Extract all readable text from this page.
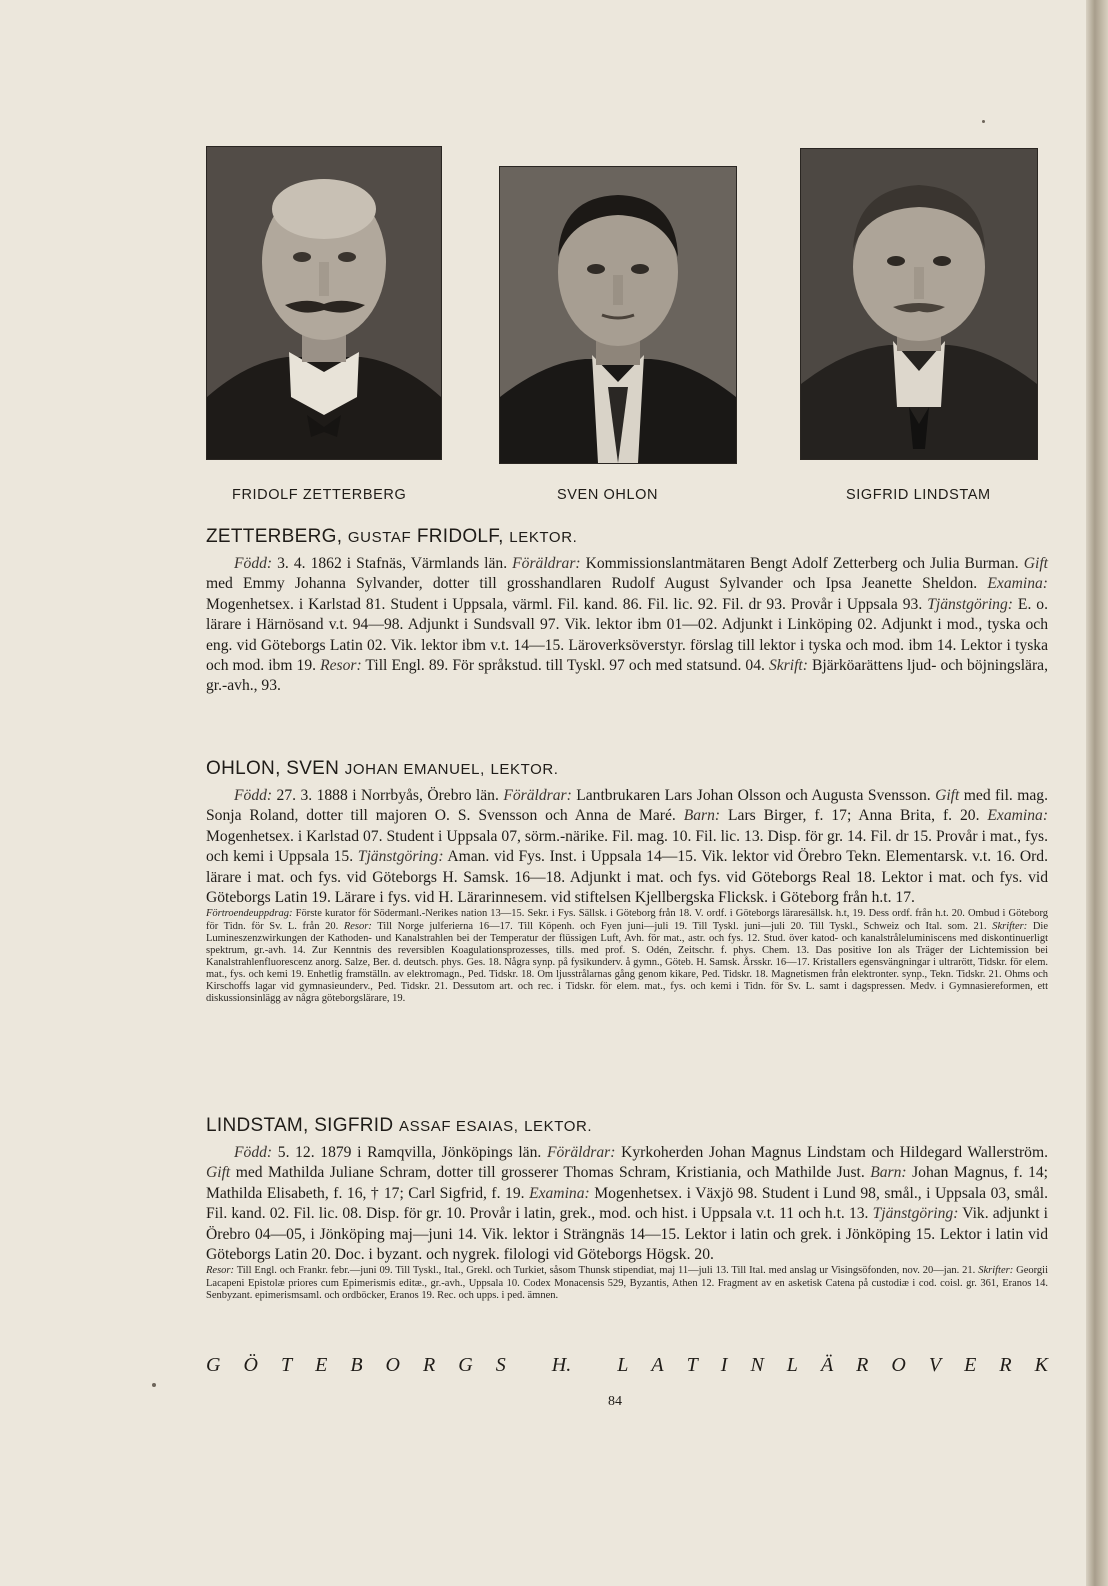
FRIDOLF ZETTERBERG	SVEN OHLON	SIGFRID LINDSTAM
ZETTERBERG, GUSTAF FRIDOLF, LEKTOR.

Född: 3. 4. 1862 i Stafnäs, Värmlands län. Föräldrar: Kommissionslantmätaren Bengt Adolf Zetterberg och Julia Burman. Gift med Emmy Johanna Sylvander, dotter till grosshandlaren Rudolf August Sylvander och Ipsa Jeanette Sheldon. Examina: Mogenhetsex. i Karlstad 81. Student i Uppsala, värml. Fil. kand. 86. Fil. lic. 92. Fil. dr 93. Provår i Uppsala 93. Tjänstgöring: E. o. lärare i Härnösand v.t. 94—98. Adjunkt i Sundsvall 97. Vik. lektor ibm 01—02. Adjunkt i Linköping 02. Adjunkt i mod., tyska och eng. vid Göteborgs Latin 02. Vik. lektor ibm v.t. 14—15. Läroverksöverstyr. förslag till lektor i tyska och mod. ibm 14. Lektor i tyska och mod. ibm 19. Resor: Till Engl. 89. För språkstud. till Tyskl. 97 och med statsund. 04. Skrift: Bjärköarättens ljud- och böjningslära, gr.-avh., 93.

OHLON, SVEN JOHAN EMANUEL, LEKTOR.

Född: 27. 3. 1888 i Norrbyås, Örebro län. Föräldrar: Lantbrukaren Lars Johan Olsson och Augusta Svensson. Gift med fil. mag. Sonja Roland, dotter till majoren O. S. Svensson och Anna de Maré. Barn: Lars Birger, f. 17; Anna Brita, f. 20. Examina: Mogenhetsex. i Karlstad 07. Student i Uppsala 07, sörm.-närike. Fil. mag. 10. Fil. lic. 13. Disp. för gr. 14. Fil. dr 15. Provår i mat., fys. och kemi i Uppsala 15. Tjänstgöring: Aman. vid Fys. Inst. i Uppsala 14—15. Vik. lektor vid Örebro Tekn. Elementarsk. v.t. 16. Ord. lärare i mat. och fys. vid Göteborgs H. Samsk. 16—18. Adjunkt i mat. och fys. vid Göteborgs Real 18. Lektor i mat. och fys. vid Göteborgs Latin 19. Lärare i fys. vid H. Lärarinnesem. vid stiftelsen Kjellbergska Flicksk. i Göteborg från h.t. 17.

Förtroendeuppdrag: Förste kurator för Södermanl.-Nerikes nation 13—15. Sekr. i Fys. Sällsk. i Göteborg från 18. V. ordf. i Göteborgs läraresällsk. h.t, 19. Dess ordf. från h.t. 20. Ombud i Göteborg för Tidn. för Sv. L. från 20. Resor: Till Norge julferierna 16—17. Till Köpenh. och Fyen juni—juli 19. Till Tyskl. juni—juli 20. Till Tyskl., Schweiz och Ital. som. 21. Skrifter: Die Lumineszenzwirkungen der Kathoden- und Kanalstrahlen bei der Temperatur der flüssigen Luft, Avh. för mat., astr. och fys. 12. Stud. över katod- och kanalstråleluminiscens med diskontinuerligt spektrum, gr.-avh. 14. Zur Kenntnis des reversiblen Koagulationsprozesses, tills. med prof. S. Odén, Zeitschr. f. phys. Chem. 13. Das positive Ion als Träger der Lichtemission bei Kanalstrahlenfluorescenz anorg. Salze, Ber. d. deutsch. phys. Ges. 18. Några synp. på fysikunderv. å gymn., Göteb. H. Samsk. Årsskr. 16—17. Kristallers egensvängningar i ultrarött, Tidskr. för elem. mat., fys. och kemi 19. Enhetlig framställn. av elektromagn., Ped. Tidskr. 18. Om ljusstrålarnas gång genom kikare, Ped. Tidskr. 18. Magnetismen från elektronter. synp., Tekn. Tidskr. 21. Ohms och Kirschoffs lagar vid gymnasieunderv., Ped. Tidskr. 21. Dessutom art. och rec. i Tidskr. för elem. mat., fys. och kemi i Tidn. för Sv. L. samt i dagspressen. Medv. i Gymnasiereformen, ett diskussionsinlägg av några göteborgslärare, 19.

LINDSTAM, SIGFRID ASSAF ESAIAS, LEKTOR.

Född: 5. 12. 1879 i Ramqvilla, Jönköpings län. Föräldrar: Kyrkoherden Johan Magnus Lindstam och Hildegard Wallerström. Gift med Mathilda Juliane Schram, dotter till grosserer Thomas Schram, Kristiania, och Mathilde Just. Barn: Johan Magnus, f. 14; Mathilda Elisabeth, f. 16, † 17; Carl Sigfrid, f. 19. Examina: Mogenhetsex. i Växjö 98. Student i Lund 98, smål., i Uppsala 03, smål. Fil. kand. 02. Fil. lic. 08. Disp. för gr. 10. Provår i latin, grek., mod. och hist. i Uppsala v.t. 11 och h.t. 13. Tjänstgöring: Vik. adjunkt i Örebro 04—05, i Jönköping maj—juni 14. Vik. lektor i Strängnäs 14—15. Lektor i latin och grek. i Jönköping 15. Lektor i latin vid Göteborgs Latin 20. Doc. i byzant. och nygrek. filologi vid Göteborgs Högsk. 20.

Resor: Till Engl. och Frankr. febr.—juni 09. Till Tyskl., Ital., Grekl. och Turkiet, såsom Thunsk stipendiat, maj 11—juli 13. Till Ital. med anslag ur Visingsöfonden, nov. 20—jan. 21. Skrifter: Georgii Lacapeni Epistolæ priores cum Epimerismis editæ., gr.-avh., Uppsala 10. Codex Monacensis 529, Byzantis, Athen 12. Fragment av en asketisk Catena på custodiæ i cod. coisl. gr. 361, Eranos 14. Senbyzant. epimerismsaml. och ordböcker, Eranos 19. Rec. och upps. i ped. ämnen.

G Ö T E B O R G S H. L A T I N L Ä R O V E R K
84
